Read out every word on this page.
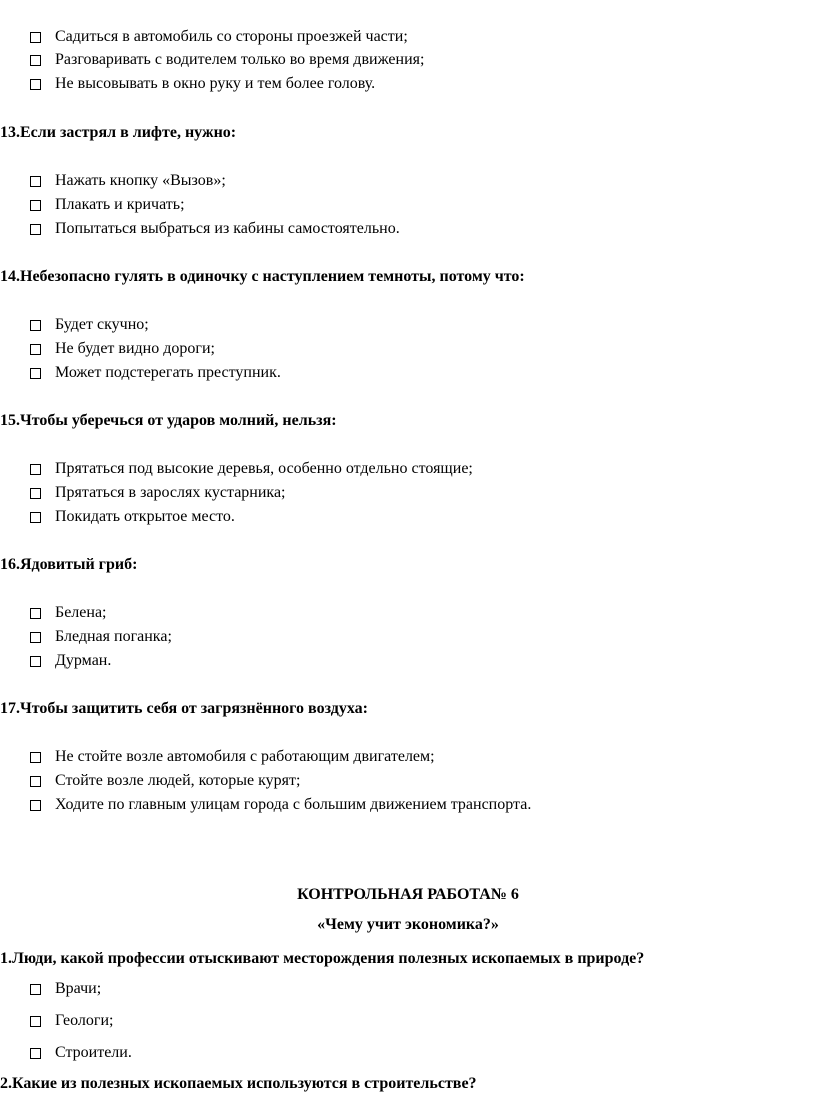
Садиться в автомобиль со стороны проезжей части;
Разговаривать с водителем только во время движения;
Не высовывать в окно руку и тем более голову.
13.Если застрял в лифте, нужно:
Нажать кнопку «Вызов»;
Плакать и кричать;
Попытаться выбраться из кабины самостоятельно.
14.Небезопасно гулять в одиночку с наступлением темноты, потому что:
Будет скучно;
Не будет видно дороги;
Может подстерегать преступник.
15.Чтобы уберечься от ударов молний, нельзя:
Прятаться под высокие деревья, особенно отдельно стоящие;
Прятаться в зарослях кустарника;
Покидать открытое место.
16.Ядовитый гриб:
Белена;
Бледная поганка;
Дурман.
17.Чтобы защитить себя от загрязнённого воздуха:
Не стойте возле автомобиля с работающим двигателем;
Стойте возле людей, которые курят;
Ходите по главным улицам города с большим движением транспорта.
КОНТРОЛЬНАЯ РАБОТА№ 6
«Чему учит экономика?»
1.Люди, какой профессии отыскивают месторождения полезных ископаемых в природе?
Врачи;
Геологи;
Строители.
2.Какие из полезных ископаемых используются в строительстве?
